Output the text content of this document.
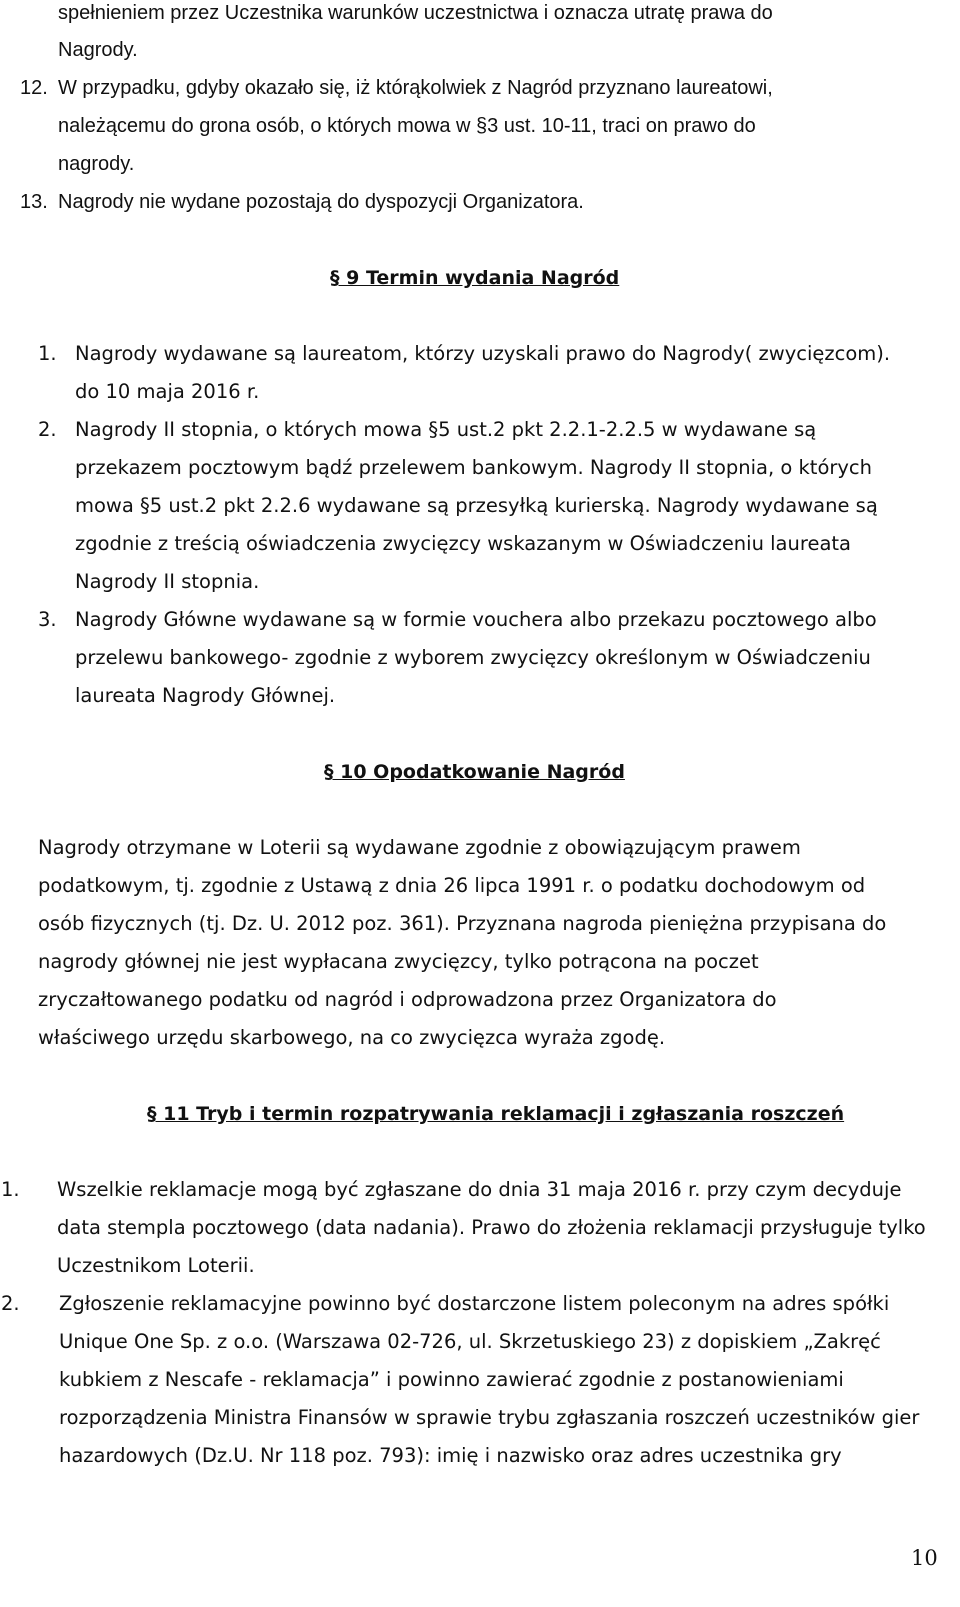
spełnieniem przez Uczestnika warunków uczestnictwa i oznacza utratę prawa do
Nagrody.
12. W przypadku, gdyby okazało się, iż którąkolwiek z Nagród przyznano laureatowi,
należącemu do grona osób, o których mowa w §3 ust. 10-11, traci on prawo do
nagrody.
13. Nagrody nie wydane pozostają do dyspozycji Organizatora.
§ 9 Termin wydania Nagród
1. Nagrody wydawane są laureatom, którzy uzyskali prawo do Nagrody( zwycięzcom).
do 10 maja 2016 r.
2. Nagrody II stopnia, o których mowa §5 ust.2 pkt 2.2.1-2.2.5 w wydawane są
przekazem pocztowym bądź przelewem bankowym. Nagrody II stopnia, o których
mowa §5 ust.2 pkt 2.2.6 wydawane są przesyłką kurierską. Nagrody wydawane są
zgodnie z treścią oświadczenia zwycięzcy wskazanym w Oświadczeniu laureata
Nagrody II stopnia.
3. Nagrody Główne wydawane są w formie vouchera albo przekazu pocztowego albo
przelewu bankowego- zgodnie z wyborem zwycięzcy określonym w Oświadczeniu
laureata Nagrody Głównej.
§ 10 Opodatkowanie Nagród
Nagrody otrzymane w Loterii są wydawane zgodnie z obowiązującym prawem
podatkowym, tj. zgodnie z Ustawą z dnia 26 lipca 1991 r. o podatku dochodowym od
osób fizycznych (tj. Dz. U. 2012 poz. 361). Przyznana nagroda pieniężna przypisana do
nagrody głównej nie jest wypłacana zwycięzcy, tylko potrącona na poczet
zryczałtowanego podatku od nagród i odprowadzona przez Organizatora do
właściwego urzędu skarbowego, na co zwycięzca wyraża zgodę.
§ 11 Tryb i termin rozpatrywania reklamacji i zgłaszania roszczeń
1. Wszelkie reklamacje mogą być zgłaszane do dnia 31 maja 2016 r. przy czym decyduje
data stempla pocztowego (data nadania). Prawo do złożenia reklamacji przysługuje tylko
Uczestnikom Loterii.
2. Zgłoszenie reklamacyjne powinno być dostarczone listem poleconym na adres spółki
Unique One Sp. z o.o. (Warszawa 02-726, ul. Skrzetuskiego 23) z dopiskiem „Zakręć
kubkiem z Nescafe - reklamacja” i powinno zawierać zgodnie z postanowieniami
rozporządzenia Ministra Finansów w sprawie trybu zgłaszania roszczeń uczestników gier
hazardowych (Dz.U. Nr 118 poz. 793): imię i nazwisko oraz adres uczestnika gry
10
